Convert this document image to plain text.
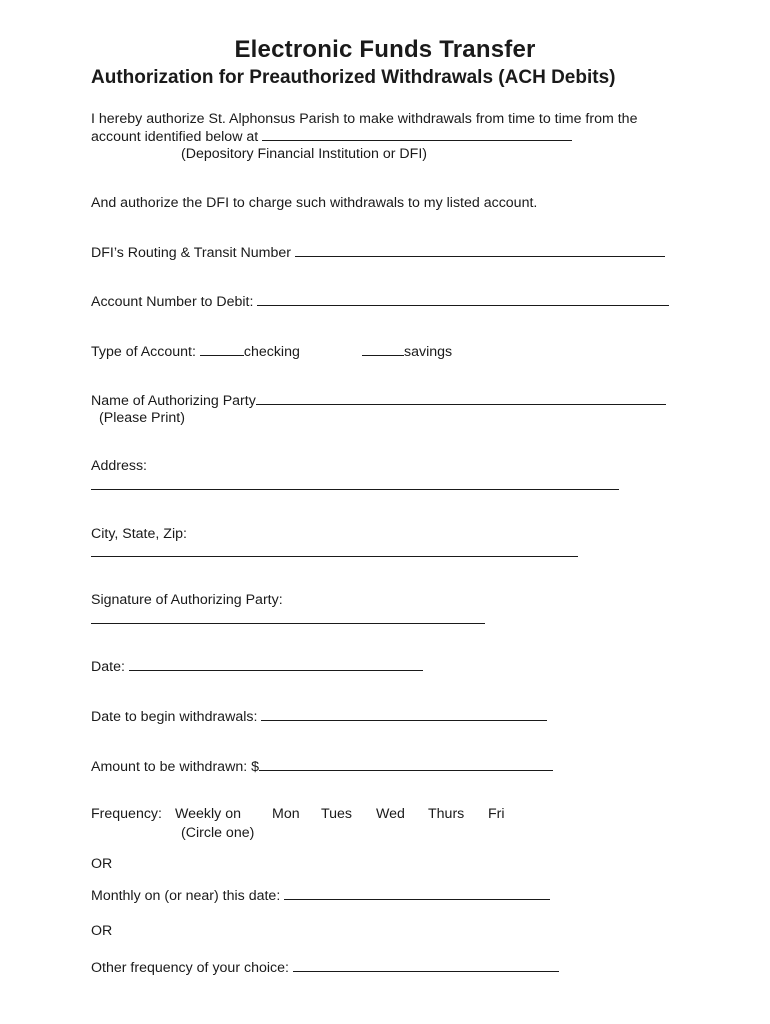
Electronic Funds Transfer
Authorization for Preauthorized Withdrawals (ACH Debits)
I hereby authorize St. Alphonsus Parish to make withdrawals from time to time from the
account identified below at
(Depository Financial Institution or DFI)
And authorize the DFI to charge such withdrawals to my listed account.
DFI’s Routing & Transit Number
Account Number to Debit:
Type of Account:	checking	savings
Name of Authorizing Party
(Please Print)
Address:
City, State, Zip:
Signature of Authorizing Party:
Date:
Date to begin withdrawals:
Amount to be withdrawn: $
Frequency: Weekly on Mon Tues Wed Thurs Fri
(Circle one)
OR
Monthly on (or near) this date:
OR
Other frequency of your choice:
